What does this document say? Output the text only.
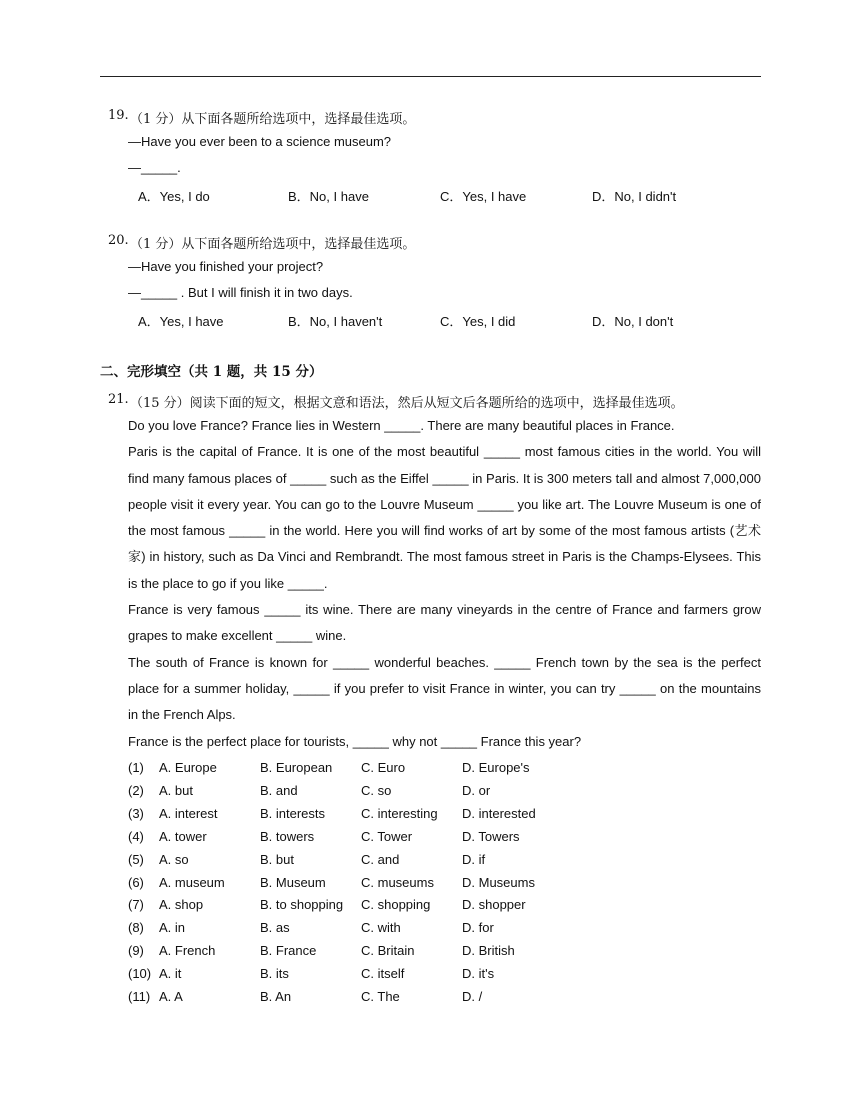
19. （1 分）从下面各题所给选项中，选择最佳选项。
—Have you ever been to a science museum?
—_____.
A．Yes, I do	B．No, I have	C．Yes, I have	D．No, I didn't
20. （1 分）从下面各题所给选项中，选择最佳选项。
—Have you finished your project?
—_____ . But I will finish it in two days.
A．Yes, I have	B．No, I haven't	C．Yes, I did	D．No, I don't
二、完形填空（共 1 题，共 15 分）
21. （15 分）阅读下面的短文，根据文意和语法，然后从短文后各题所给的选项中，选择最佳选项。

Do you love France? France lies in Western _____. There are many beautiful places in France.

Paris is the capital of France. It is one of the most beautiful _____ most famous cities in the world. You will find many famous places of _____ such as the Eiffel _____ in Paris. It is 300 meters tall and almost 7,000,000 people visit it every year. You can go to the Louvre Museum _____ you like art. The Louvre Museum is one of the most famous _____ in the world. Here you will find works of art by some of the most famous artists (艺术家) in history, such as Da Vinci and Rembrandt. The most famous street in Paris is the Champs-Elysees. This is the place to go if you like _____.

France is very famous _____ its wine. There are many vineyards in the centre of France and farmers grow grapes to make excellent _____ wine.

The south of France is known for _____ wonderful beaches. _____ French town by the sea is the perfect place for a summer holiday, _____ if you prefer to visit France in winter, you can try _____ on the mountains in the French Alps.

France is the perfect place for tourists, _____ why not _____ France this year?

(1) A. Europe	B. European C. Euro	D. Europe's
(2) A. but	B. and	C. so	D. or
(3) A. interest	B. interests	C. interesting D. interested
(4) A. tower	B. towers	C. Tower	D. Towers
(5) A. so	B. but	C. and	D. if
(6) A. museum	B. Museum	C. museums D. Museums
(7) A. shop	B. to shopping C. shopping D. shopper
(8) A. in	B. as	C. with	D. for
(9) A. French	B. France	C. Britain	D. British
(10) A. it	B. its	C. itself	D. it's
(11) A. A	B. An	C. The	D. /
